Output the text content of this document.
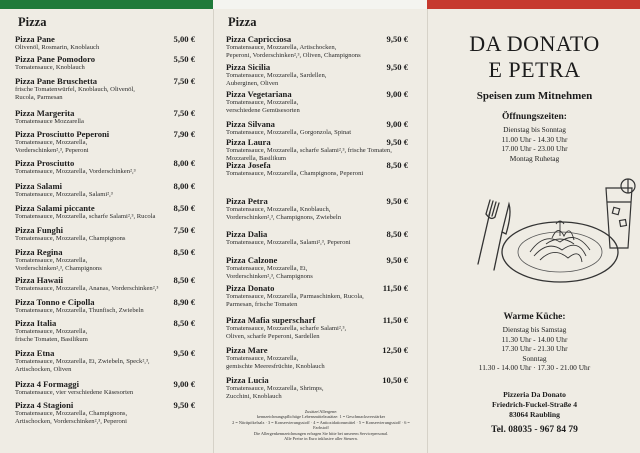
Pizza
Pizza Pane	5,00 €
Olivenöl, Rosmarin, Knoblauch
Pizza Pane Pomodoro	5,50 €
Tomatensauce, Knoblauch
Pizza Pane Bruschetta	7,50 €
frische Tomatenwürfel, Knoblauch, Olivenöl,
Rucola, Parmesan
Pizza Margerita	7,50 €
Tomatensauce Mozzarella
Pizza Prosciutto Peperoni	7,90 €
Tomatensauce, Mozzarella,
Vorderschinken²,³, Peperoni
Pizza Prosciutto	8,00 €
Tomatensauce, Mozzarella, Vorderschinken²,³
Pizza Salami	8,00 €
Tomatensauce, Mozzarella, Salami²,³
Pizza Salami piccante	8,50 €
Tomatensauce, Mozzarella, scharfe Salami²,³, Rucola
Pizza Funghi	7,50 €
Tomatensauce, Mozzarella, Champignons
Pizza Regina	8,50 €
Tomatensauce, Mozzarella,
Vorderschinken²,³, Champignons
Pizza Hawaii	8,50 €
Tomatensauce, Mozzarella, Ananas, Vorderschinken²,³
Pizza Tonno e Cipolla	8,90 €
Tomatensauce, Mozzarella, Thunfisch, Zwiebeln
Pizza Italia	8,50 €
Tomatensauce, Mozzarella,
frische Tomaten, Basilikum
Pizza Etna	9,50 €
Tomatensauce, Mozzarella, Ei, Zwiebeln, Speck²,³,
Artischocken, Oliven
Pizza 4 Formaggi	9,00 €
Tomatensauce, vier verschiedene Käsesorten
Pizza 4 Stagioni	9,50 €
Tomatensauce, Mozzarella, Champignons,
Artischocken, Vorderschinken²,³, Peperoni
Pizza
Pizza Capricciosa	9,50 €
Tomatensauce, Mozzarella, Artischocken,
Peperoni, Vorderschinken²,³, Oliven, Champignons
Pizza Sicilia	9,50 €
Tomatensauce, Mozzarella, Sardellen,
Auberginen, Oliven
Pizza Vegetariana	9,00 €
Tomatensauce, Mozzarella,
verschiedene Gemüsesorten
Pizza Silvana	9,00 €
Tomatensauce, Mozzarella, Gorgonzola, Spinat
Pizza Laura	9,50 €
Tomatensauce, Mozzarella, scharfe Salami²,³, frische Tomaten,
Mozzarella, Basilikum
Pizza Josefa	8,50 €
Tomatensauce, Mozzarella, Champignons, Peperoni
Pizza Petra	9,50 €
Tomatensauce, Mozzarella, Knoblauch,
Vorderschinken²,³, Champignons, Zwiebeln
Pizza Dalia	8,50 €
Tomatensauce, Mozzarella, Salami²,³, Peperoni
Pizza Calzone	9,50 €
Tomatensauce, Mozzarella, Ei,
Vorderschinken²,³, Champignons
Pizza Donato	11,50 €
Tomatensauce, Mozzarella, Parmaschinken, Rucola,
Parmesan, frische Tomaten
Pizza Mafia superscharf	11,50 €
Tomatensauce, Mozzarella, scharfe Salami²,³,
Oliven, scharfe Peperoni, Sardellen
Pizza Mare	12,50 €
Tomatensauce, Mozzarella,
gemischte Meeresfrüchte, Knoblauch
Pizza Lucia	10,50 €
Tomatensauce, Mozzarella, Shrimps,
Zucchini, Knoblauch
Zusätze/Allergene:
kennzeichnungspflichtige Lebensmittelzusätze: 1 = Geschmacksverstärker
2 = Nitritpökelsalz · 3 = Konservierungsstoff · 4 = Antioxidationsmittel · 5 = Konservierungsstoff · 6 = Farbstoff
Die Allergenkennzeichnungen erfragen Sie bitte bei unserem Servicepersonal.
Alle Preise in Euro inklusive aller Steuern.
DA DONATO
E PETRA
Speisen zum Mitnehmen
Öffnungszeiten:
Dienstag bis Sonntag
11.00 Uhr - 14.30 Uhr
17.00 Uhr - 23.00 Uhr
Montag Ruhetag
Warme Küche:
Dienstag bis Samstag
11.30 Uhr - 14.00 Uhr
17.30 Uhr - 21.30 Uhr
Sonntag
11.30 - 14.00 Uhr · 17.30 - 21.00 Uhr
Pizzeria Da Donato
Friedrich-Fuckel-Straße 4
83064 Raubling
Tel. 08035 - 967 84 79
